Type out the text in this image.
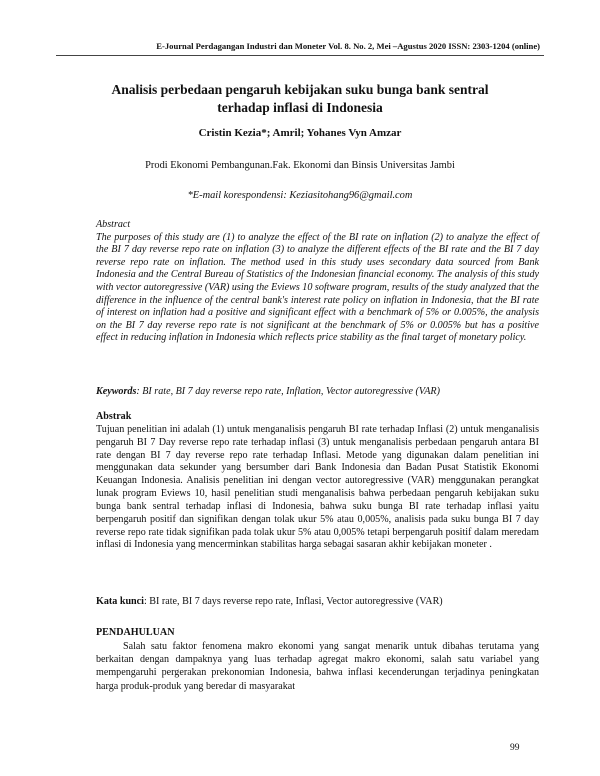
E-Journal Perdagangan Industri dan Moneter Vol. 8. No. 2, Mei –Agustus 2020 ISSN: 2303-1204 (online)
Analisis perbedaan pengaruh kebijakan suku bunga bank sentral
terhadap inflasi di Indonesia
Cristin Kezia*; Amril; Yohanes Vyn Amzar
Prodi Ekonomi Pembangunan.Fak. Ekonomi dan Binsis Universitas Jambi
*E-mail korespondensi: Keziasitohang96@gmail.com
Abstract

The purposes of this study are (1) to analyze the effect of the BI rate on inflation (2) to analyze the effect of the BI 7 day reverse repo rate on inflation (3) to analyze the different effects of the BI rate and the BI 7 day reverse repo rate on inflation. The method used in this study uses secondary data sourced from Bank Indonesia and the Central Bureau of Statistics of the Indonesian financial economy. The analysis of this study with vector autoregressive (VAR) using the Eviews 10 software program, results of the study analyzed that the difference in the influence of the central bank's interest rate policy on inflation in Indonesia, that the BI rate of interest on inflation had a positive and significant effect with a benchmark of 5% or 0.005%, the analysis on the BI 7 day reverse repo rate is not significant at the benchmark of 5% or 0.005% but has a positive effect in reducing inflation in Indonesia which reflects price stability as the final target of monetary policy.

Keywords: BI rate, BI 7 day reverse repo rate, Inflation, Vector autoregressive (VAR)
Abstrak

Tujuan penelitian ini adalah (1) untuk menganalisis pengaruh BI rate terhadap Inflasi (2) untuk menganalisis pengaruh BI 7 Day reverse repo rate terhadap inflasi (3) untuk menganalisis perbedaan pengaruh antara BI rate dengan BI 7 day reverse repo rate terhadap Inflasi. Metode yang digunakan dalam penelitian ini menggunakan data sekunder yang bersumber dari Bank Indonesia dan Badan Pusat Statistik Ekonomi Keuangan Indonesia. Analisis penelitian ini dengan vector autoregressive (VAR) menggunakan perangkat lunak program Eviews 10, hasil penelitian studi menganalisis bahwa perbedaan pengaruh kebijakan suku bunga bank sentral terhadap inflasi di Indonesia, bahwa suku bunga BI rate terhadap inflasi yaitu berpengaruh positif dan signifikan dengan tolak ukur 5% atau 0,005%, analisis pada suku bunga BI 7 day reverse repo rate tidak signifikan pada tolak ukur 5% atau 0,005% tetapi berpengaruh positif dalam meredam inflasi di Indonesia yang mencerminkan stabilitas harga sebagai sasaran akhir kebijakan moneter .

Kata kunci: BI rate, BI 7 days reverse repo rate, Inflasi, Vector autoregressive (VAR)
PENDAHULUAN

Salah satu faktor fenomena makro ekonomi yang sangat menarik untuk dibahas terutama yang berkaitan dengan dampaknya yang luas terhadap agregat makro ekonomi, salah satu variabel yang mempengaruhi pergerakan prekonomian Indonesia, bahwa inflasi kecenderungan terjadinya peningkatan harga produk-produk yang beredar di masyarakat

99
